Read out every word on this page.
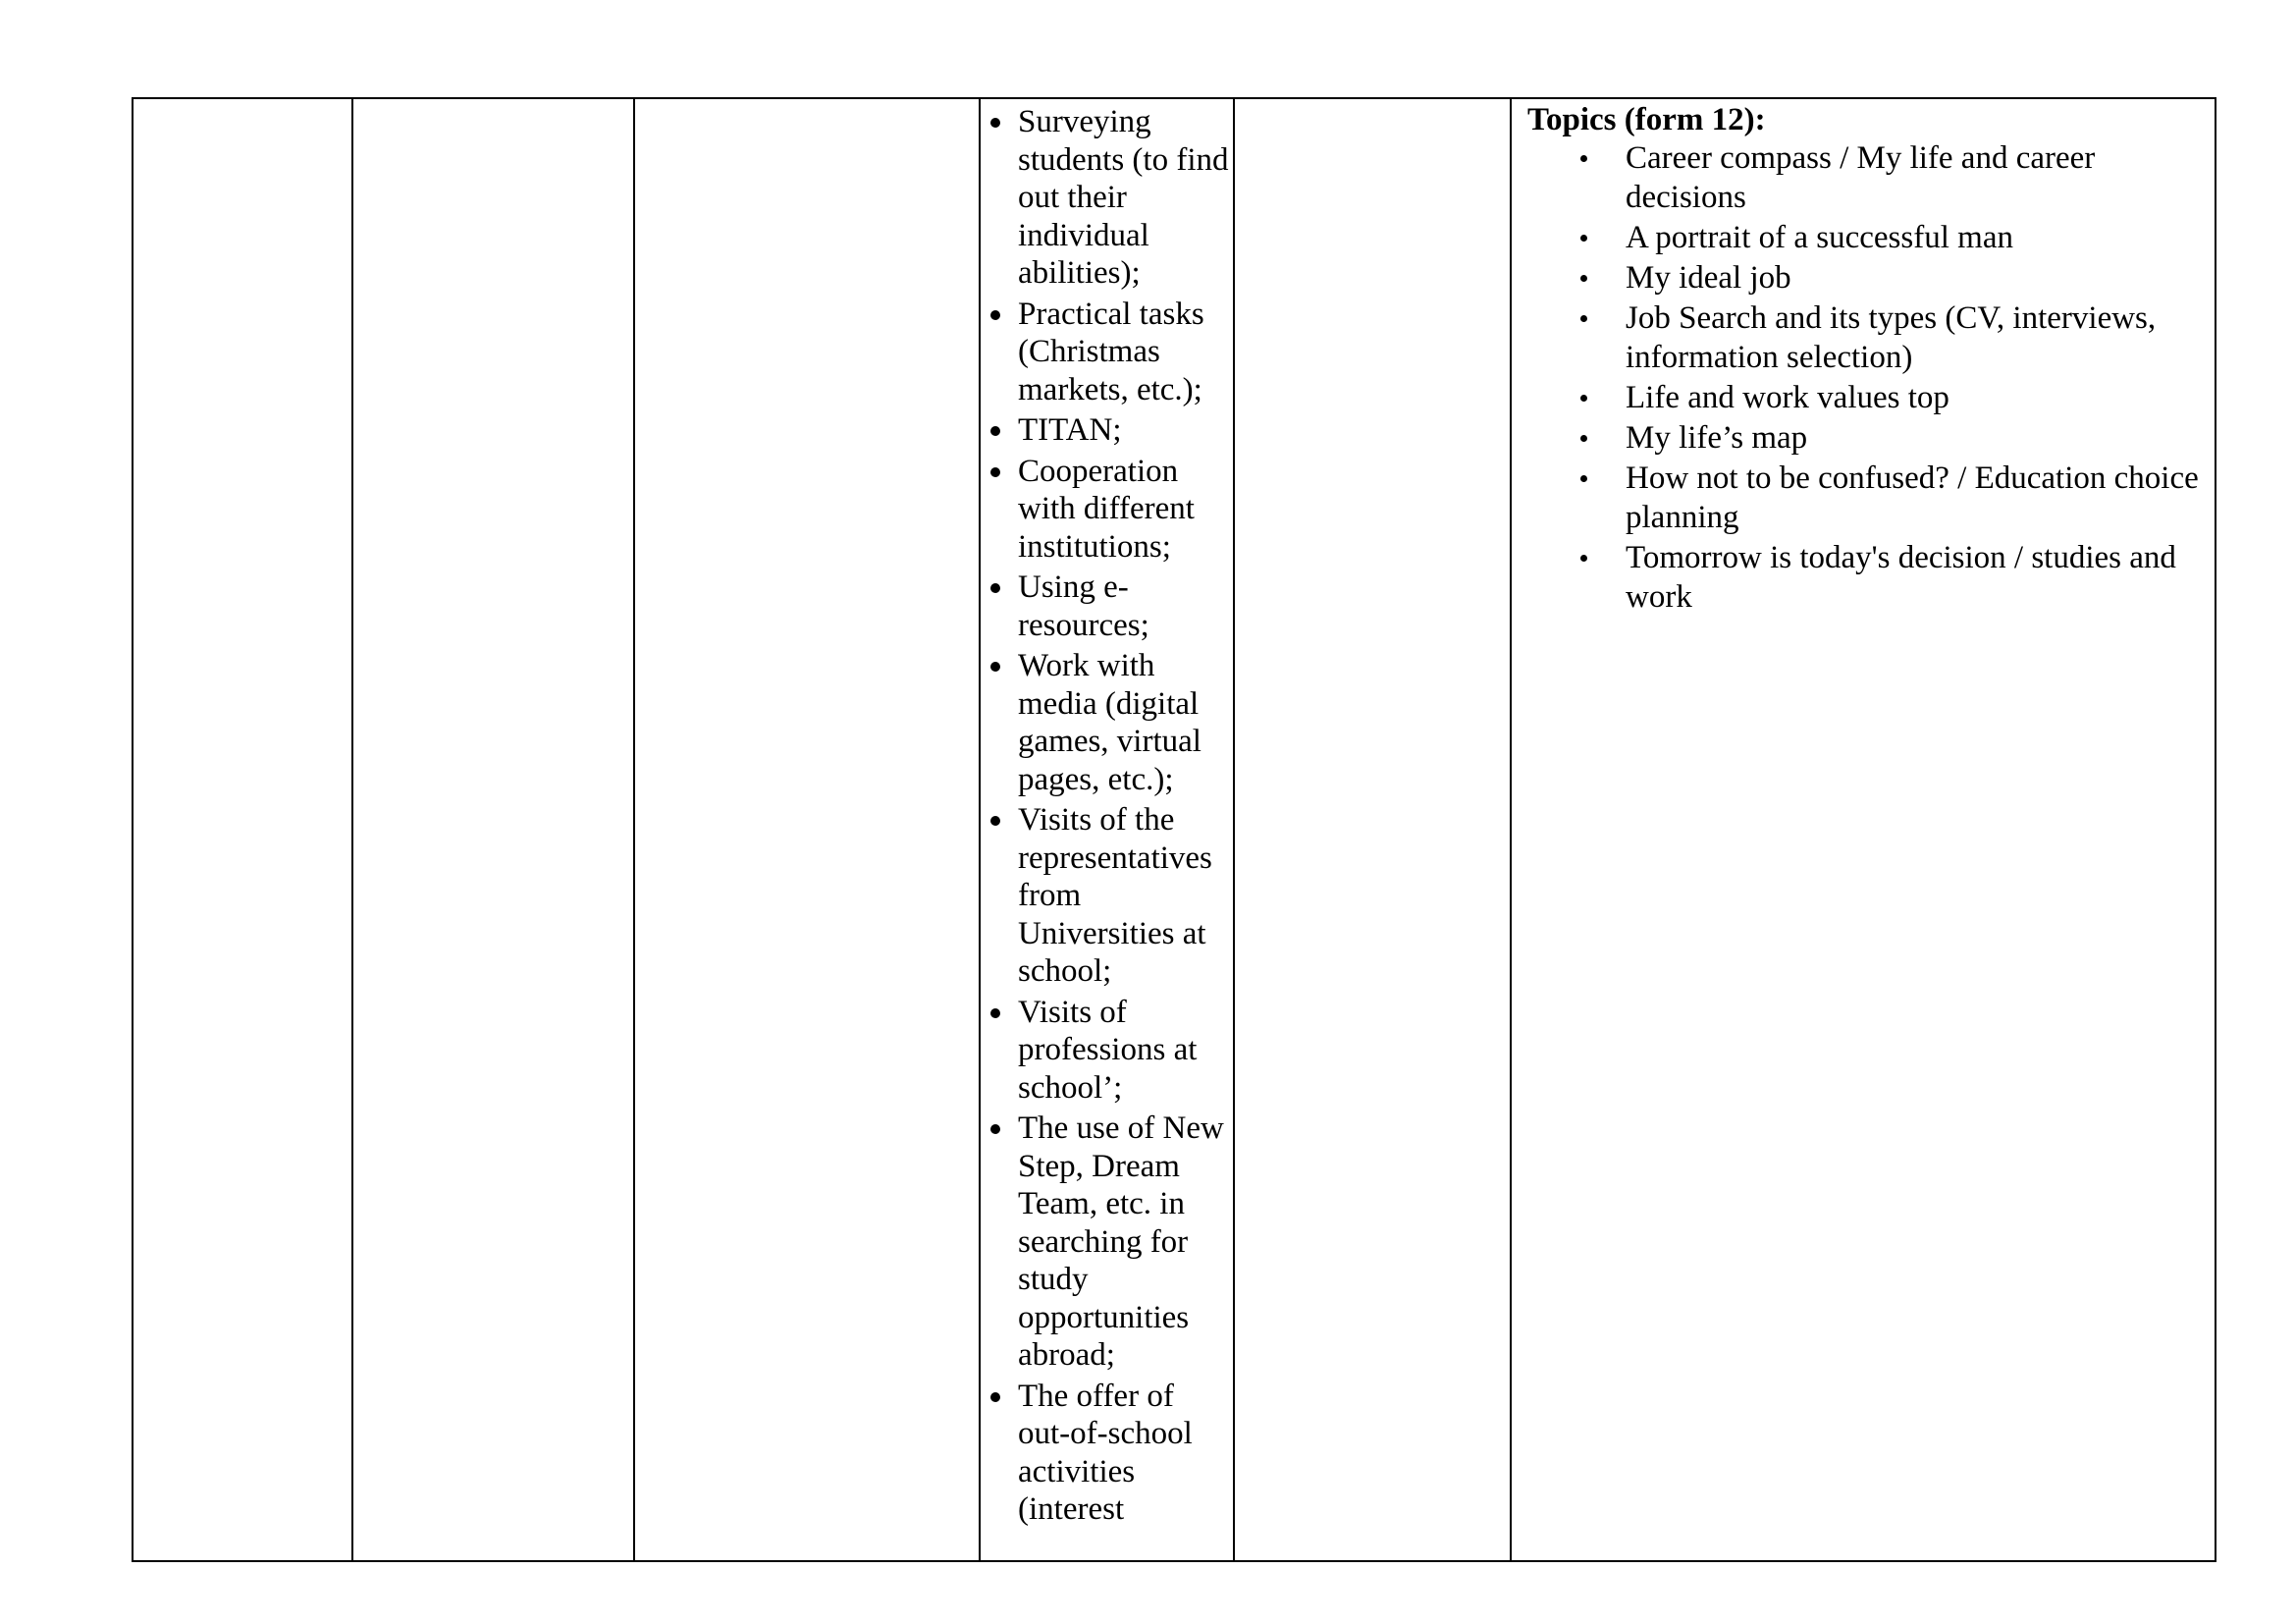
Surveying students (to find out their individual abilities);
Practical tasks (Christmas markets, etc.);
TITAN;
Cooperation with different institutions;
Using e-resources;
Work with media (digital games, virtual pages, etc.);
Visits of the representatives from Universities at school;
Visits of professions at school’;
The use of New Step, Dream Team, etc. in searching for study opportunities abroad;
The offer of out-of-school activities (interest

Topics (form 12):
Career compass / My life and career decisions
A portrait of a successful man
My ideal job
Job Search and its types (CV, interviews, information selection)
Life and work values top
My life’s map
How not to be confused? / Education choice planning
Tomorrow is today's decision / studies and work
